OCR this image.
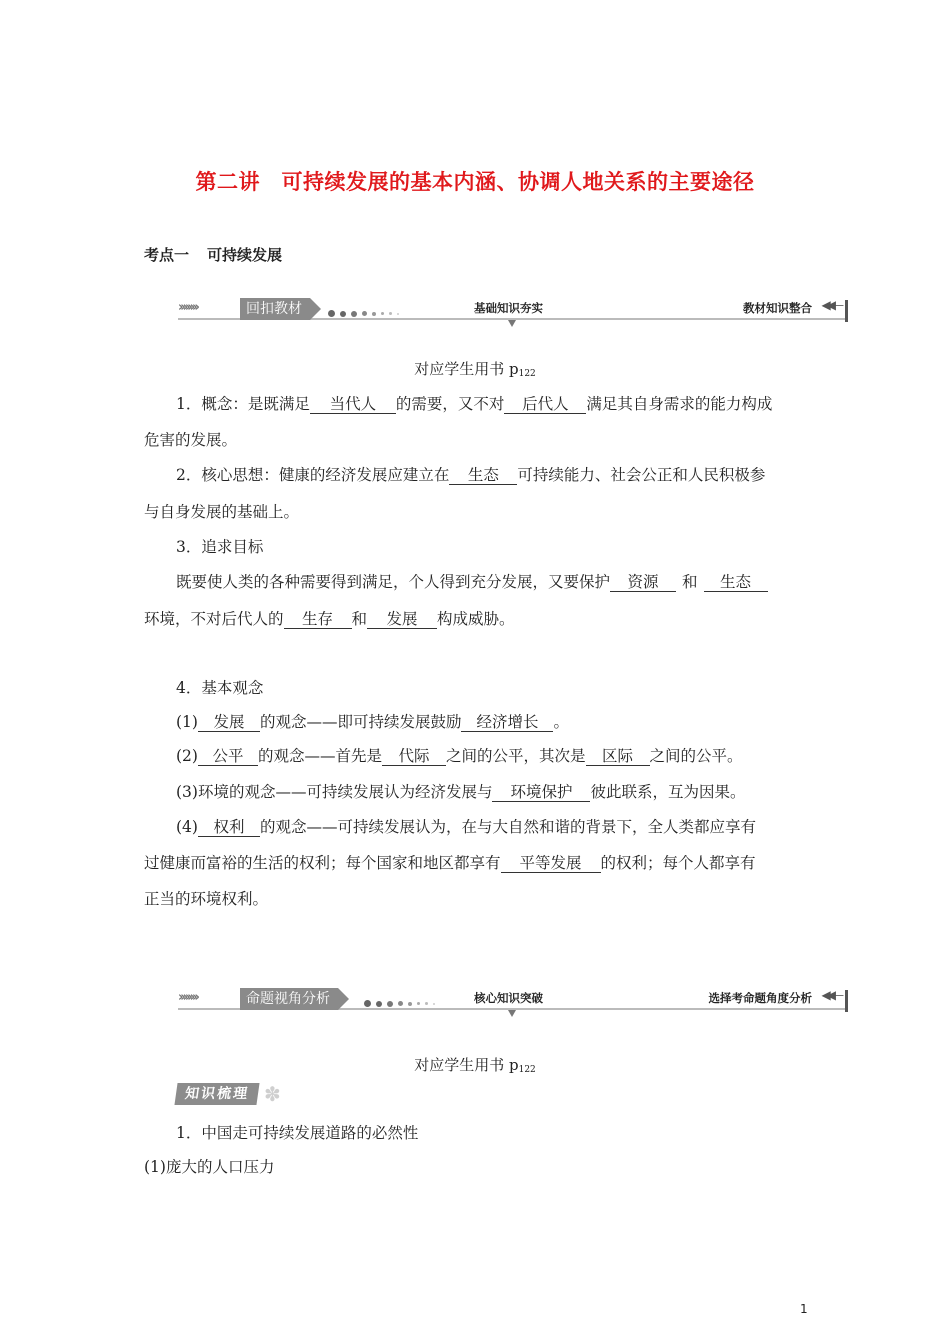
第二讲　可持续发展的基本内涵、协调人地关系的主要途径
考点一 可持续发展
››››››››	回扣教材	基础知识夯实	教材知识整合 ◀◀—
对应学生用书 $p_{122}$
1．概念：是既满足 当代人 的需要，又不对 后代人 满足其自身需求的能力构成
危害的发展。
2．核心思想：健康的经济发展应建立在 生态 可持续能力、社会公正和人民积极参
与自身发展的基础上。
3．追求目标
既要使人类的各种需要得到满足，个人得到充分发展，又要保护 资源 和 生态
环境，不对后代人的 生存 和 发展 构成威胁。
4．基本观念
(1) 发展 的观念——即可持续发展鼓励 经济增长 。
(2) 公平 的观念——首先是 代际 之间的公平，其次是 区际 之间的公平。
(3)环境的观念——可持续发展认为经济发展与 环境保护 彼此联系，互为因果。
(4) 权利 的观念——可持续发展认为，在与大自然和谐的背景下，全人类都应享有
过健康而富裕的生活的权利；每个国家和地区都享有 平等发展 的权利；每个人都享有
正当的环境权利。
››››››››	命题视角分析	核心知识突破	选择考命题角度分析 ◀◀—
对应学生用书 $p_{122}$
知识梳理 ✽
1．中国走可持续发展道路的必然性
(1)庞大的人口压力
1
